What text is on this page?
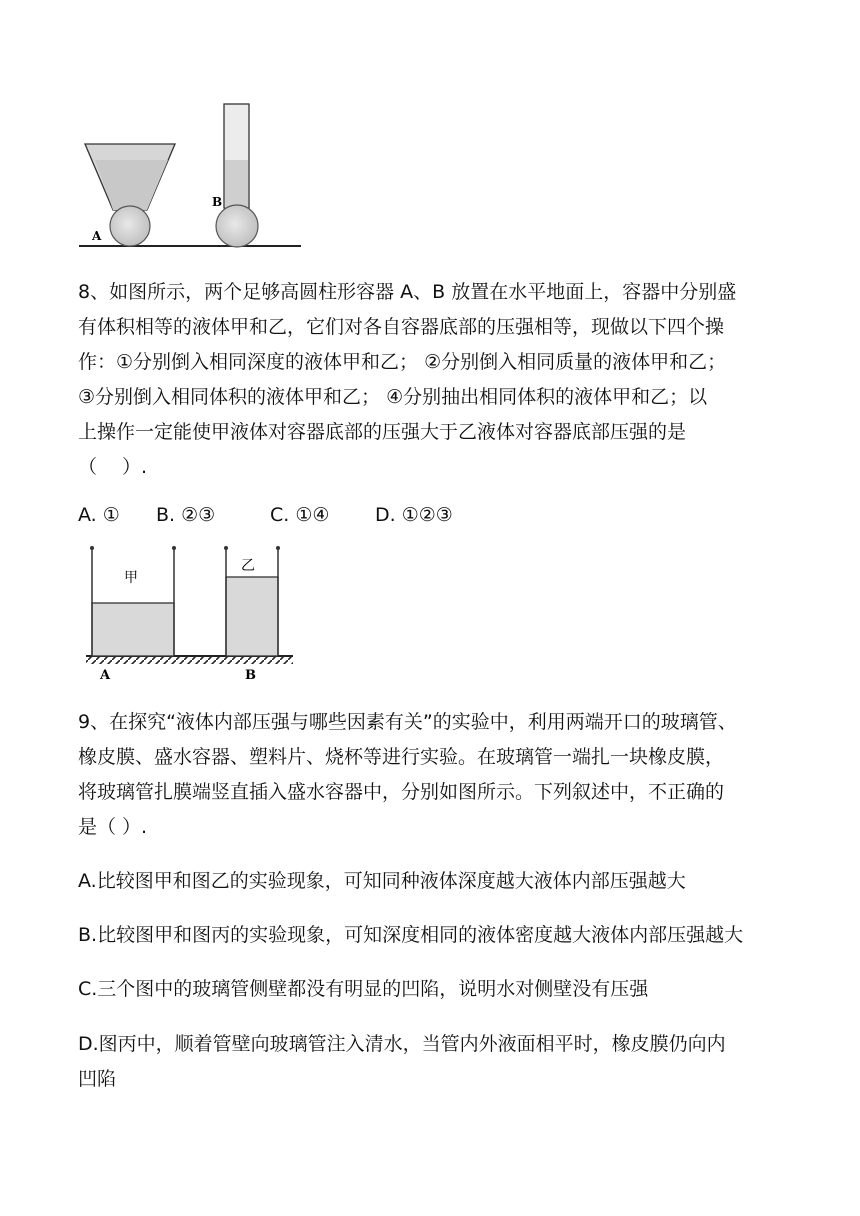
A
B
8、如图所示，两个足够高圆柱形容器 A、B 放置在水平地面上，容器中分别盛
有体积相等的液体甲和乙，它们对各自容器底部的压强相等，现做以下四个操
作：①分别倒入相同深度的液体甲和乙； ②分别倒入相同质量的液体甲和乙；
③分别倒入相同体积的液体甲和乙； ④分别抽出相同体积的液体甲和乙；以
上操作一定能使甲液体对容器底部的压强大于乙液体对容器底部压强的是
（　 ）.
A. ① B. ②③	C. ①④ D. ①②③
甲
乙
A	B
9、在探究“液体内部压强与哪些因素有关”的实验中，利用两端开口的玻璃管、
橡皮膜、盛水容器、塑料片、烧杯等进行实验。在玻璃管一端扎一块橡皮膜，
将玻璃管扎膜端竖直插入盛水容器中，分别如图所示。下列叙述中，不正确的
是（ ）.
A.比较图甲和图乙的实验现象，可知同种液体深度越大液体内部压强越大
B.比较图甲和图丙的实验现象，可知深度相同的液体密度越大液体内部压强越大
C.三个图中的玻璃管侧壁都没有明显的凹陷，说明水对侧壁没有压强
D.图丙中，顺着管壁向玻璃管注入清水，当管内外液面相平时，橡皮膜仍向内
凹陷
